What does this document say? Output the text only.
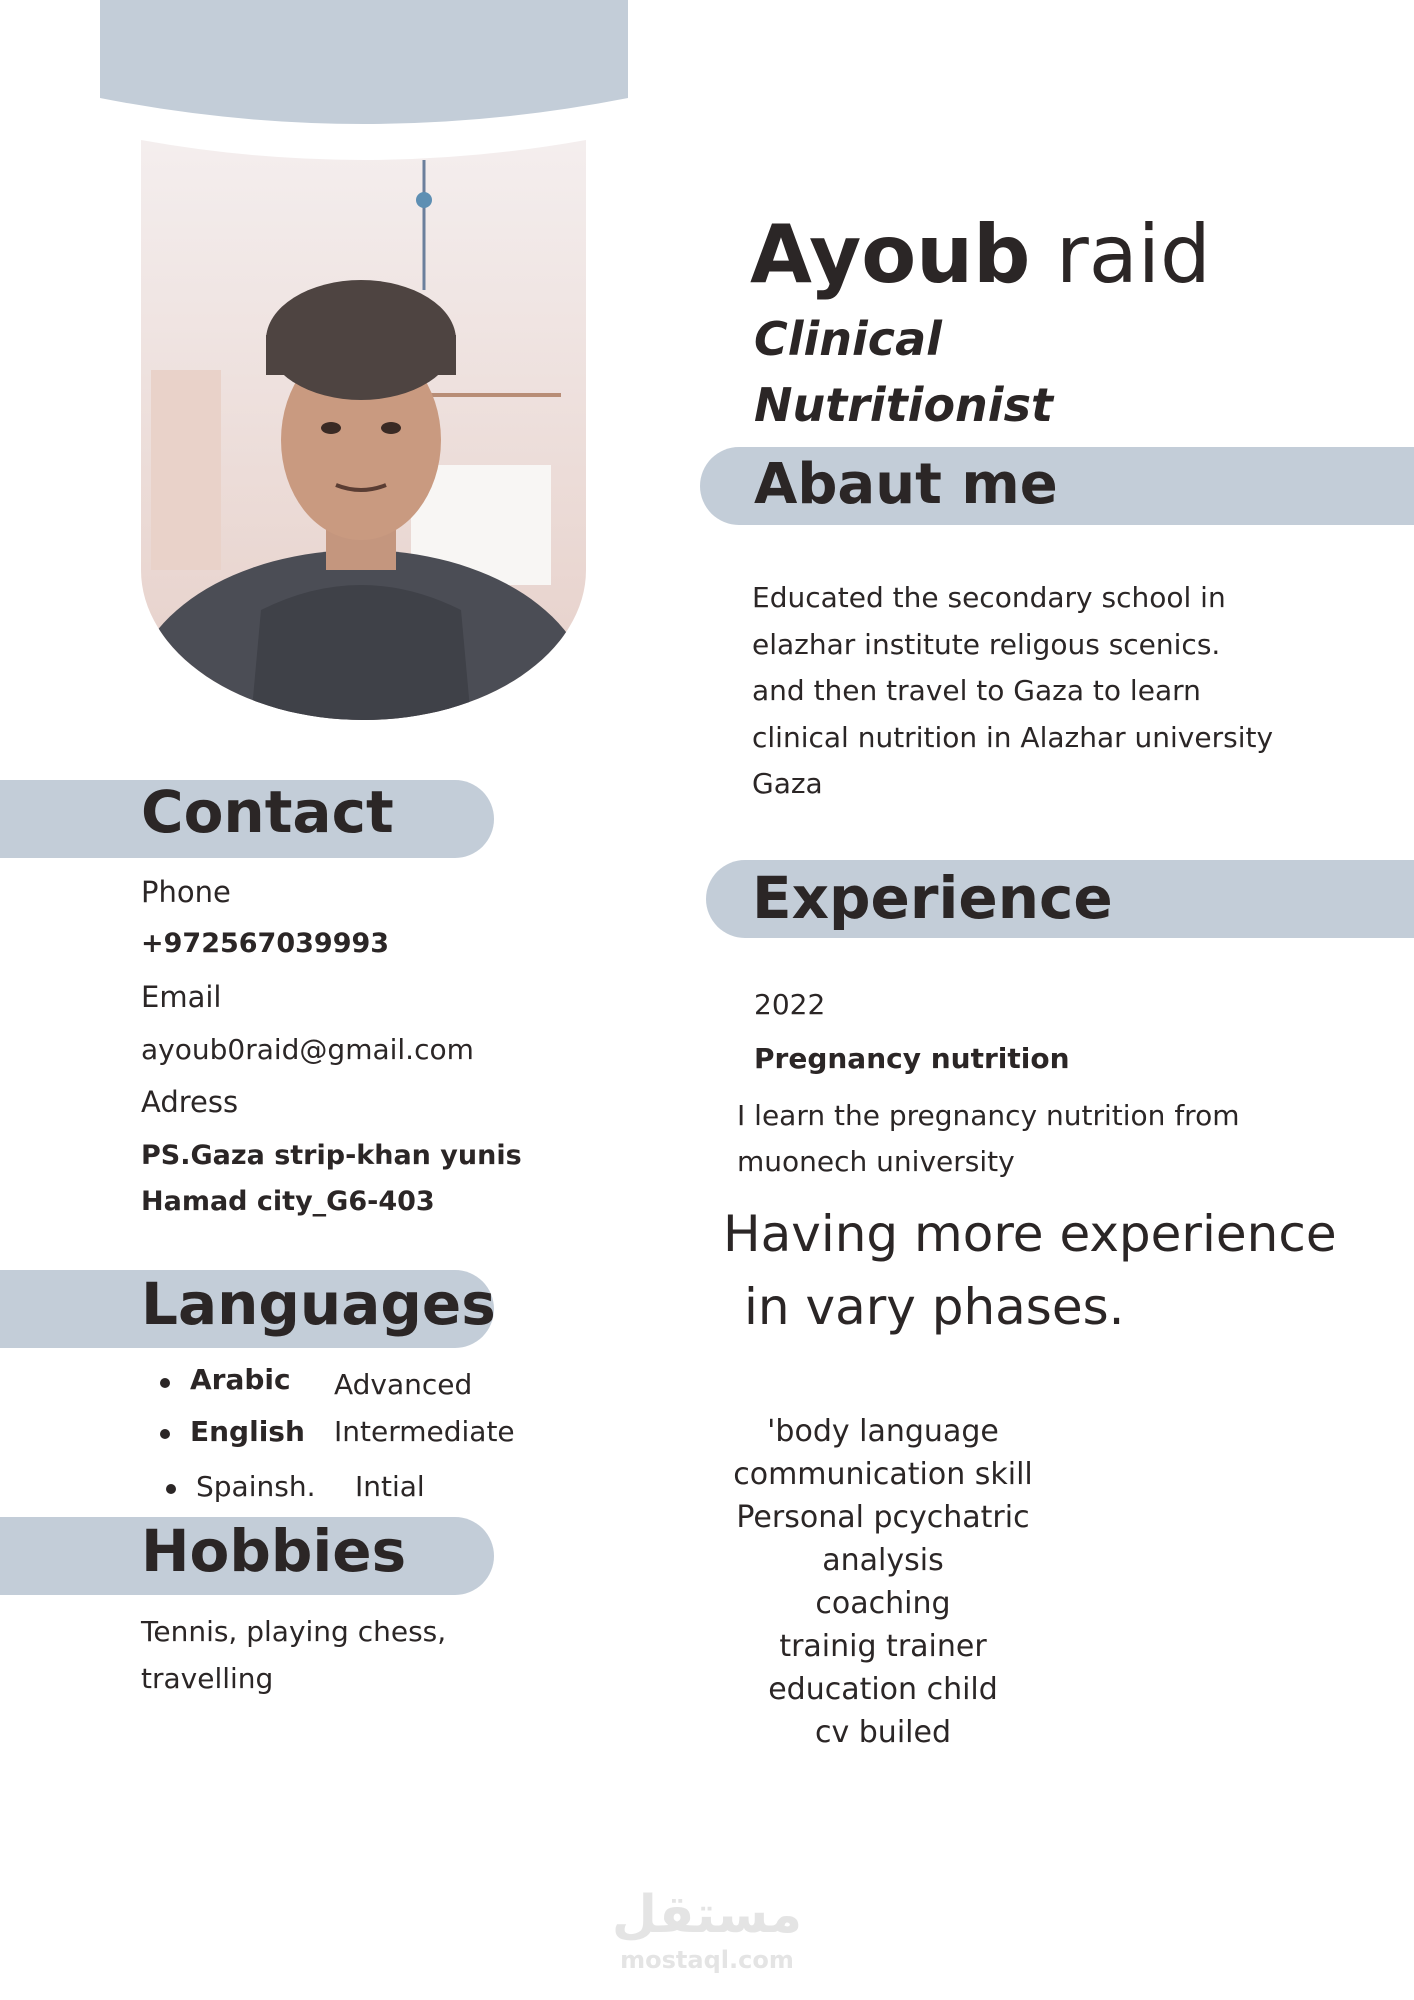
Ayoub raid
Clinical
Nutritionist
Abaut me
Educated the secondary school in
elazhar institute religous scenics.
and then travel to Gaza to learn
clinical nutrition in Alazhar university
Gaza
Contact
Phone
+972567039993
Email
ayoub0raid@gmail.com
Adress
PS.Gaza strip-khan yunis
Hamad city_G6-403
Languages
Arabic Advanced
English Intermediate
Spainsh. Intial
Hobbies
Tennis, playing chess,
travelling
Experience
2022
Pregnancy nutrition
I learn the pregnancy nutrition from
muonech university
Having more experience
in vary phases.
'body language
communication skill
Personal pcychatric
analysis
coaching
trainig trainer
education child
cv builed
مستقل
mostaql.com
